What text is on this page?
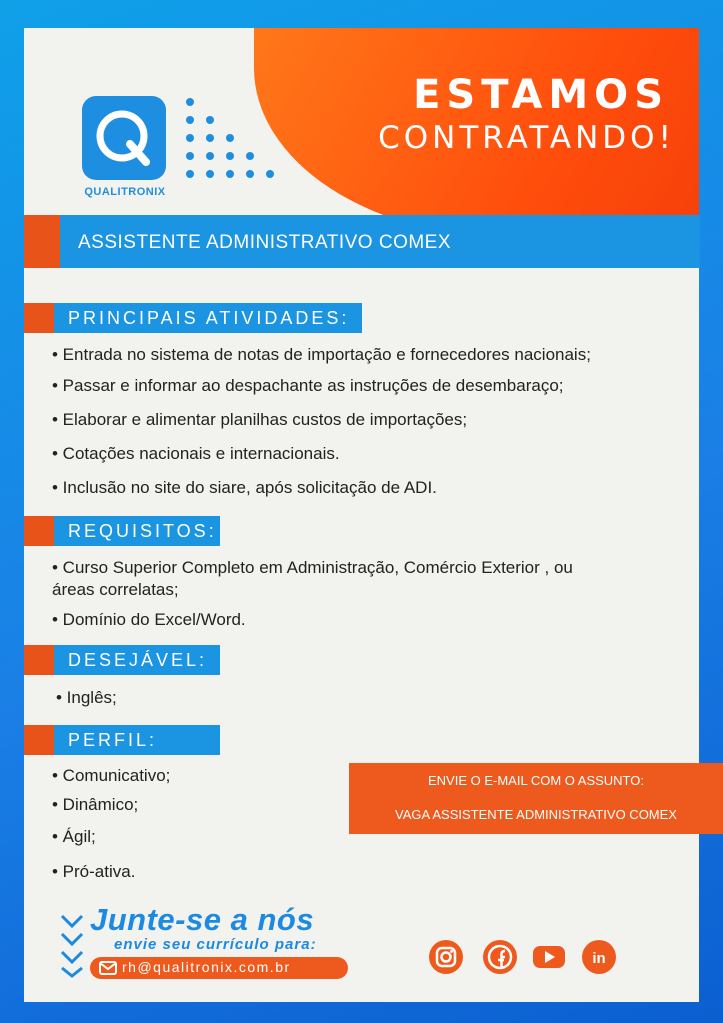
ESTAMOS
CONTRATANDO!
QUALITRONIX
ASSISTENTE ADMINISTRATIVO COMEX
PRINCIPAIS ATIVIDADES:
• Entrada no sistema de notas de importação e fornecedores nacionais;
• Passar e informar ao despachante as instruções de desembaraço;
• Elaborar e alimentar planilhas custos de importações;
• Cotações nacionais e internacionais.
• Inclusão no site do siare, após solicitação de ADI.
REQUISITOS:
• Curso Superior Completo em Administração, Comércio Exterior , ou
áreas correlatas;
• Domínio do Excel/Word.
DESEJÁVEL:
• Inglês;
PERFIL:
• Comunicativo;
• Dinâmico;
• Ágil;
• Pró-ativa.
ENVIE O E-MAIL COM O ASSUNTO:
VAGA ASSISTENTE ADMINISTRATIVO COMEX
Junte-se a nós
envie seu currículo para:
rh@qualitronix.com.br	in
